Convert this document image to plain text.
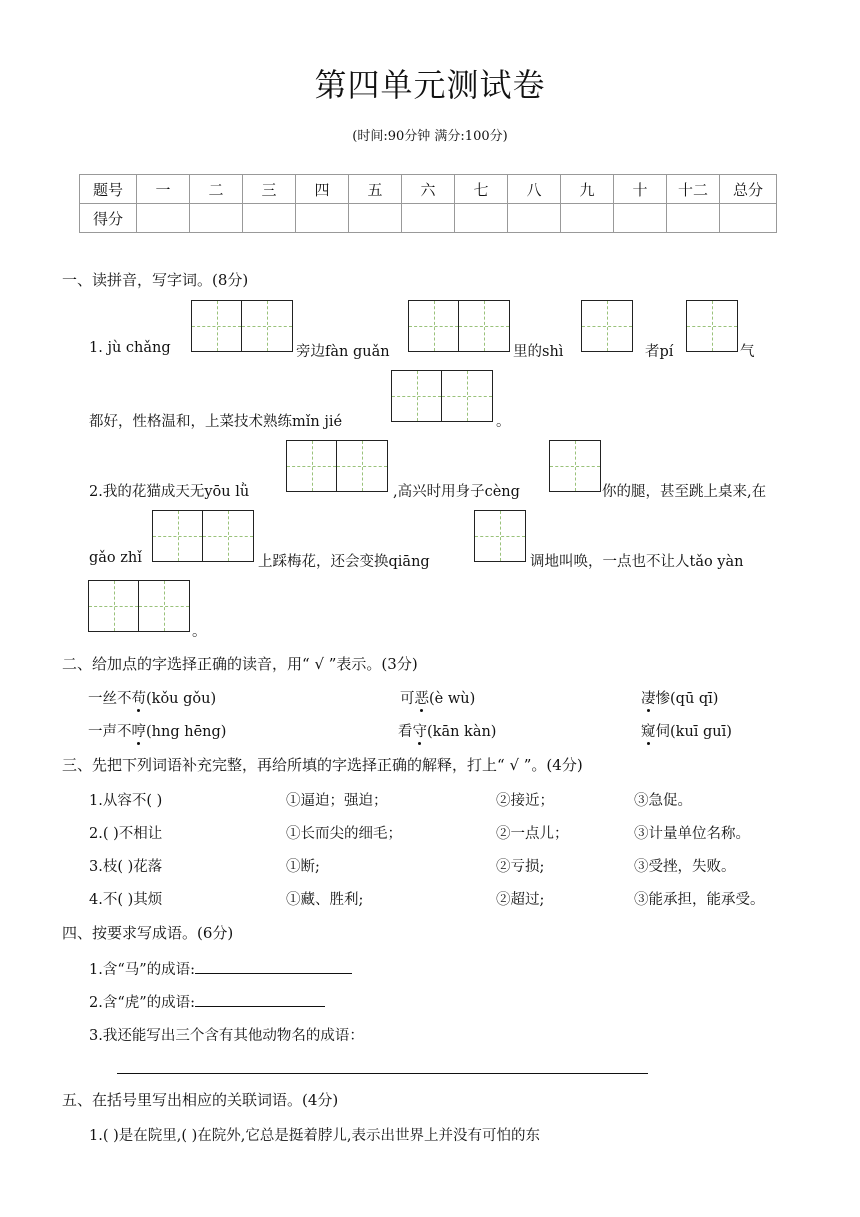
第四单元测试卷
(时间:90分钟 满分:100分)
题号	一	二	三	四	五	六	七	八	九	十	十二	总分
得分												
一、读拼音，写字词。(8分)
1. jù chǎng	旁边fàn guǎn	里的shì	者pí	气
都好，性格温和，上菜技术熟练mǐn jié	。
2.我的花猫成天无yōu lǜ	,高兴时用身子cèng	你的腿，甚至跳上桌来,在
gǎo zhǐ	上踩梅花，还会变换qiāng	调地叫唤，一点也不让人tǎo yàn
。
二、给加点的字选择正确的读音，用“ √ ”表示。(3分)
一丝不苟(kǒu gǒu)	可恶(è wù)	凄惨(qū qī)
一声不哼(hng hēng)	看守(kān kàn)	窥伺(kuī guī)
三、先把下列词语补充完整，再给所填的字选择正确的解释，打上“ √ ”。(4分)
1.从容不( )	①逼迫；强迫；	②接近；	③急促。
2.( )不相让	①长而尖的细毛；	②一点儿；	③计量单位名称。
3.枝( )花落	①断;	②亏损;	③受挫，失败。
4.不( )其烦	①藏、胜利;	②超过;	③能承担，能承受。
四、按要求写成语。(6分)
1.含“马”的成语:
2.含“虎”的成语:
3.我还能写出三个含有其他动物名的成语：
五、在括号里写出相应的关联词语。(4分)
1.( )是在院里,( )在院外,它总是挺着脖儿,表示出世界上并没有可怕的东
